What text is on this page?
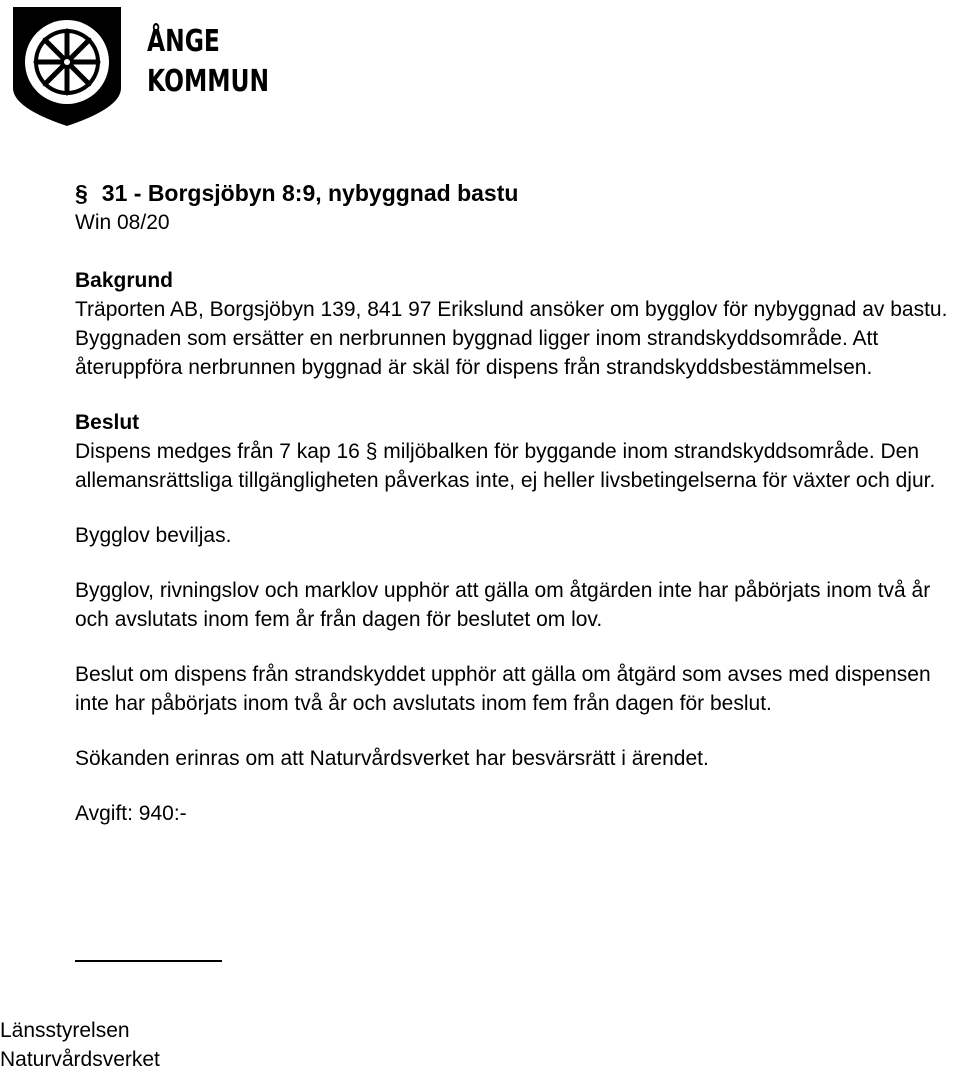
ÅNGE
KOMMUN
§ 31 - Borgsjöbyn 8:9, nybyggnad bastu

Win 08/20

Bakgrund

Träporten AB, Borgsjöbyn 139, 841 97 Erikslund ansöker om bygglov för nybyggnad av bastu. Byggnaden som ersätter en nerbrunnen byggnad ligger inom strandskyddsområde. Att återuppföra nerbrunnen byggnad är skäl för dispens från strandskyddsbestämmelsen.

Beslut

Dispens medges från 7 kap 16 § miljöbalken för byggande inom strandskyddsområde. Den allemansrättsliga tillgängligheten påverkas inte, ej heller livsbetingelserna för växter och djur.

Bygglov beviljas.

Bygglov, rivningslov och marklov upphör att gälla om åtgärden inte har påbörjats inom två år och avslutats inom fem år från dagen för beslutet om lov.

Beslut om dispens från strandskyddet upphör att gälla om åtgärd som avses med dispensen inte har påbörjats inom två år och avslutats inom fem från dagen för beslut.

Sökanden erinras om att Naturvårdsverket har besvärsrätt i ärendet.

Avgift: 940:-

Länsstyrelsen
Naturvårdsverket
